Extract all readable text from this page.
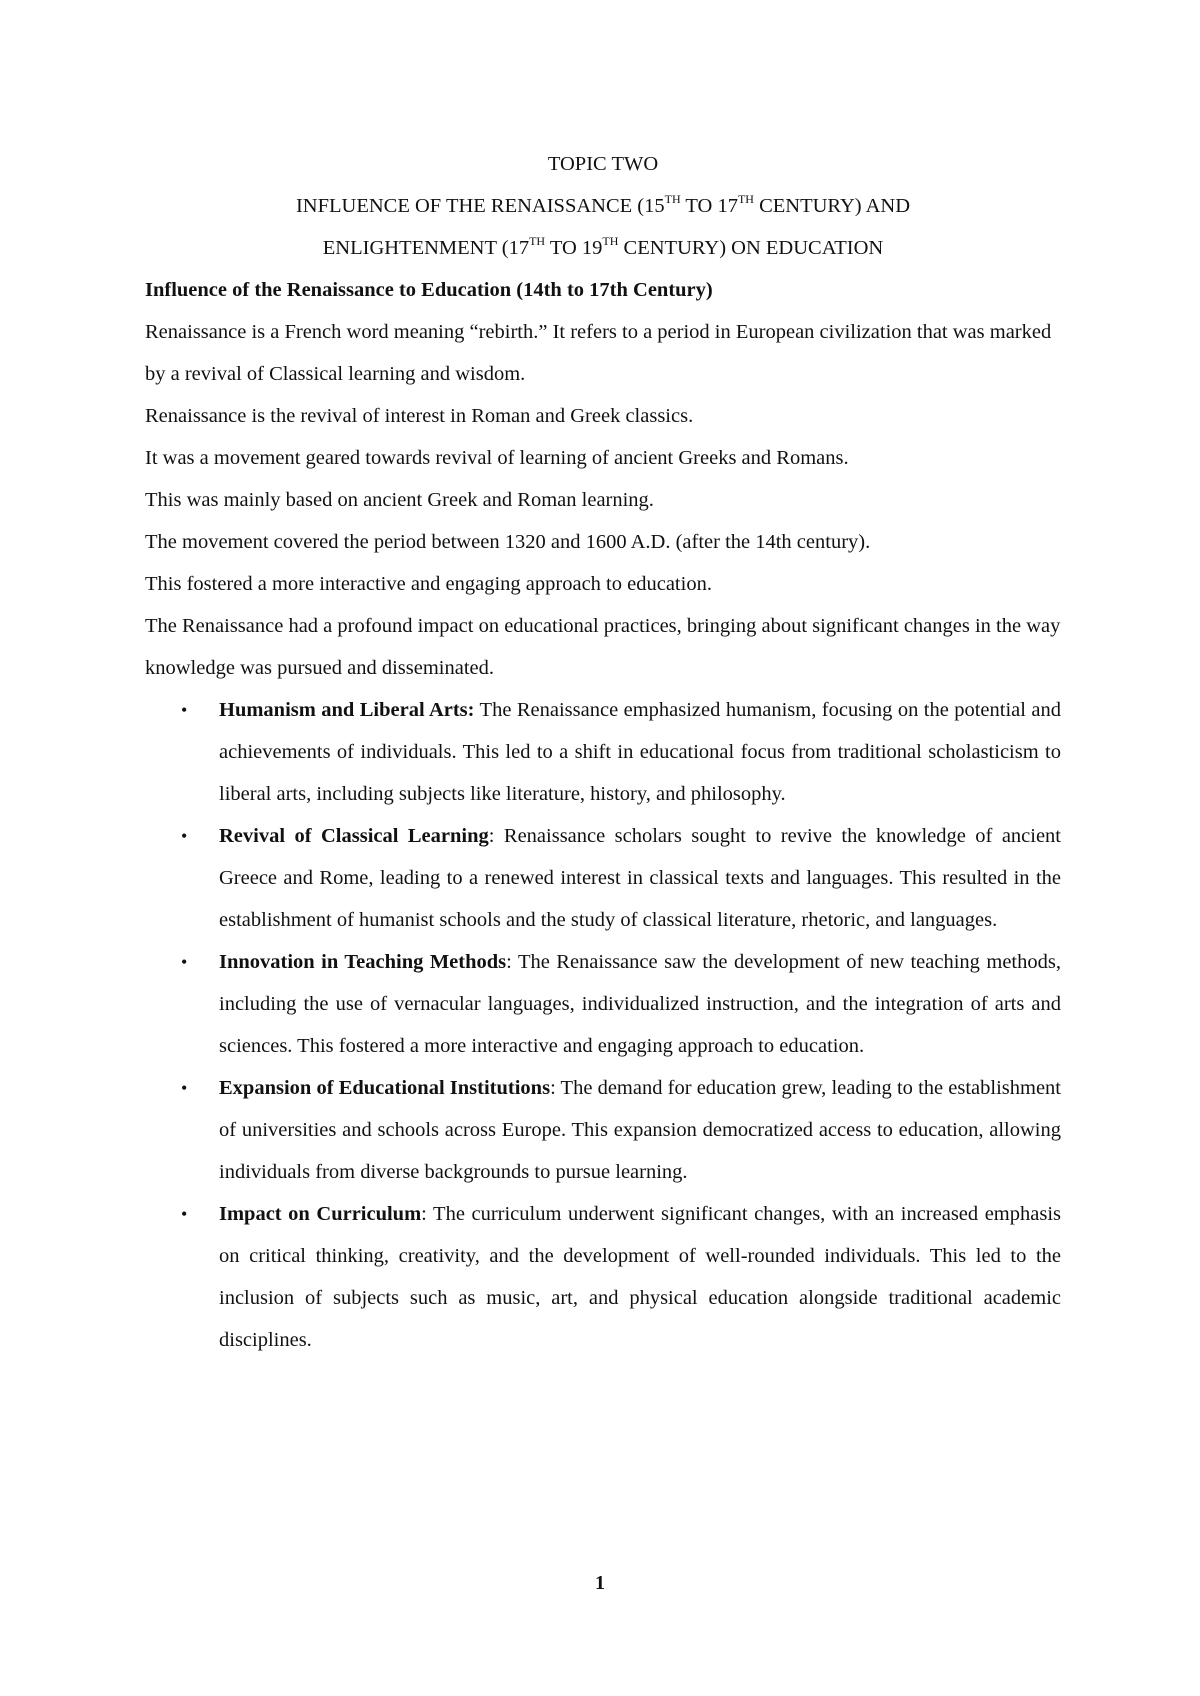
TOPIC TWO
INFLUENCE OF THE RENAISSANCE (15TH TO 17TH CENTURY) AND
ENLIGHTENMENT (17TH TO 19TH CENTURY) ON EDUCATION
Influence of the Renaissance to Education (14th to 17th Century)

Renaissance is a French word meaning “rebirth.” It refers to a period in European civilization that was marked by a revival of Classical learning and wisdom.

Renaissance is the revival of interest in Roman and Greek classics.

It was a movement geared towards revival of learning of ancient Greeks and Romans.

This was mainly based on ancient Greek and Roman learning.

The movement covered the period between 1320 and 1600 A.D. (after the 14th century).

This fostered a more interactive and engaging approach to education.

The Renaissance had a profound impact on educational practices, bringing about significant changes in the way knowledge was pursued and disseminated.

• Humanism and Liberal Arts: The Renaissance emphasized humanism, focusing on the potential and achievements of individuals. This led to a shift in educational focus from traditional scholasticism to liberal arts, including subjects like literature, history, and philosophy.
• Revival of Classical Learning: Renaissance scholars sought to revive the knowledge of ancient Greece and Rome, leading to a renewed interest in classical texts and languages. This resulted in the establishment of humanist schools and the study of classical literature, rhetoric, and languages.
• Innovation in Teaching Methods: The Renaissance saw the development of new teaching methods, including the use of vernacular languages, individualized instruction, and the integration of arts and sciences. This fostered a more interactive and engaging approach to education.
• Expansion of Educational Institutions: The demand for education grew, leading to the establishment of universities and schools across Europe. This expansion democratized access to education, allowing individuals from diverse backgrounds to pursue learning.
• Impact on Curriculum: The curriculum underwent significant changes, with an increased emphasis on critical thinking, creativity, and the development of well-rounded individuals. This led to the inclusion of subjects such as music, art, and physical education alongside traditional academic disciplines.
1
